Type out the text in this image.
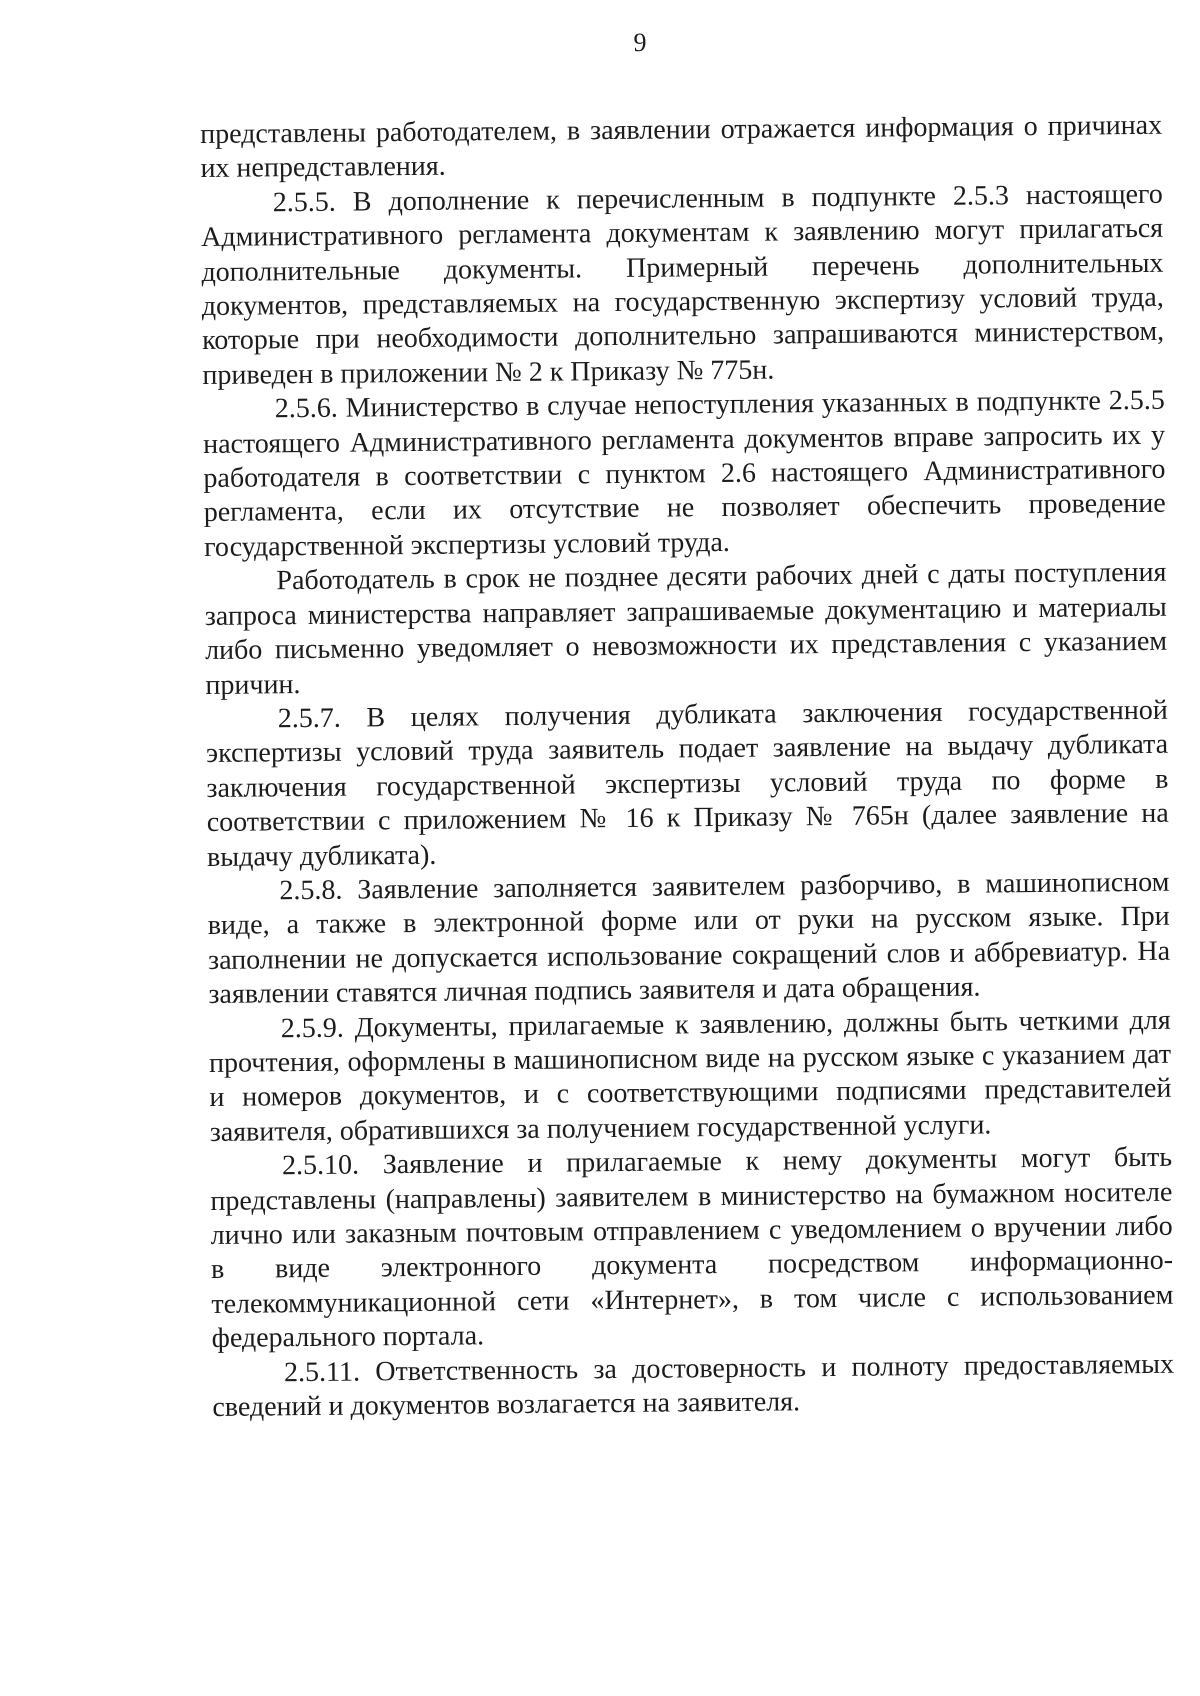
9

представлены работодателем, в заявлении отражается информация о причинах их непредставления.

2.5.5. В дополнение к перечисленным в подпункте 2.5.3 настоящего Административного регламента документам к заявлению могут прилагаться дополнительные документы. Примерный перечень дополнительных документов, представляемых на государственную экспертизу условий труда, которые при необходимости дополнительно запрашиваются министерством, приведен в приложении № 2 к Приказу № 775н.

2.5.6. Министерство в случае непоступления указанных в подпункте 2.5.5 настоящего Административного регламента документов вправе запросить их у работодателя в соответствии с пунктом 2.6 настоящего Административного регламента, если их отсутствие не позволяет обеспечить проведение государственной экспертизы условий труда.

Работодатель в срок не позднее десяти рабочих дней с даты поступления запроса министерства направляет запрашиваемые документацию и материалы либо письменно уведомляет о невозможности их представления с указанием причин.

2.5.7. В целях получения дубликата заключения государственной экспертизы условий труда заявитель подает заявление на выдачу дубликата заключения государственной экспертизы условий труда по форме в соответствии с приложением № 16 к Приказу № 765н (далее заявление на выдачу дубликата).

2.5.8. Заявление заполняется заявителем разборчиво, в машинописном виде, а также в электронной форме или от руки на русском языке. При заполнении не допускается использование сокращений слов и аббревиатур. На заявлении ставятся личная подпись заявителя и дата обращения.

2.5.9. Документы, прилагаемые к заявлению, должны быть четкими для прочтения, оформлены в машинописном виде на русском языке с указанием дат и номеров документов, и с соответствующими подписями представителей заявителя, обратившихся за получением государственной услуги.

2.5.10. Заявление и прилагаемые к нему документы могут быть представлены (направлены) заявителем в министерство на бумажном носителе лично или заказным почтовым отправлением с уведомлением о вручении либо в виде электронного документа посредством информационно-телекоммуникационной сети «Интернет», в том числе с использованием федерального портала.

2.5.11. Ответственность за достоверность и полноту предоставляемых сведений и документов возлагается на заявителя.
